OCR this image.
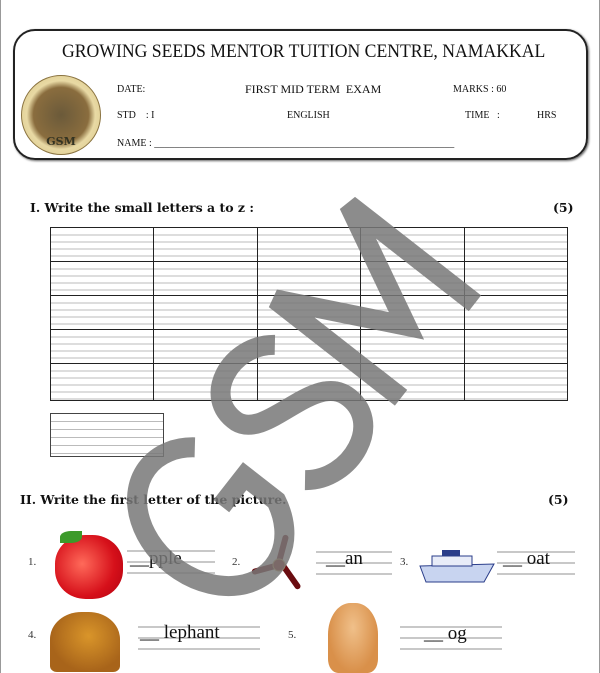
GROWING SEEDS MENTOR TUITION CENTRE, NAMAKKAL
GSM
DATE:	FIRST MID TERM  EXAM	MARKS : 60
STD    : I	ENGLISH	TIME   :	HRS
NAME : ____________________________________________________________
I. Write the small letters a to z :	(5)

II. Write the first letter of the picture.	(5)
1.	__pple	2.	__an	3.	__ oat
4.	__ lephant	5.	__ og
